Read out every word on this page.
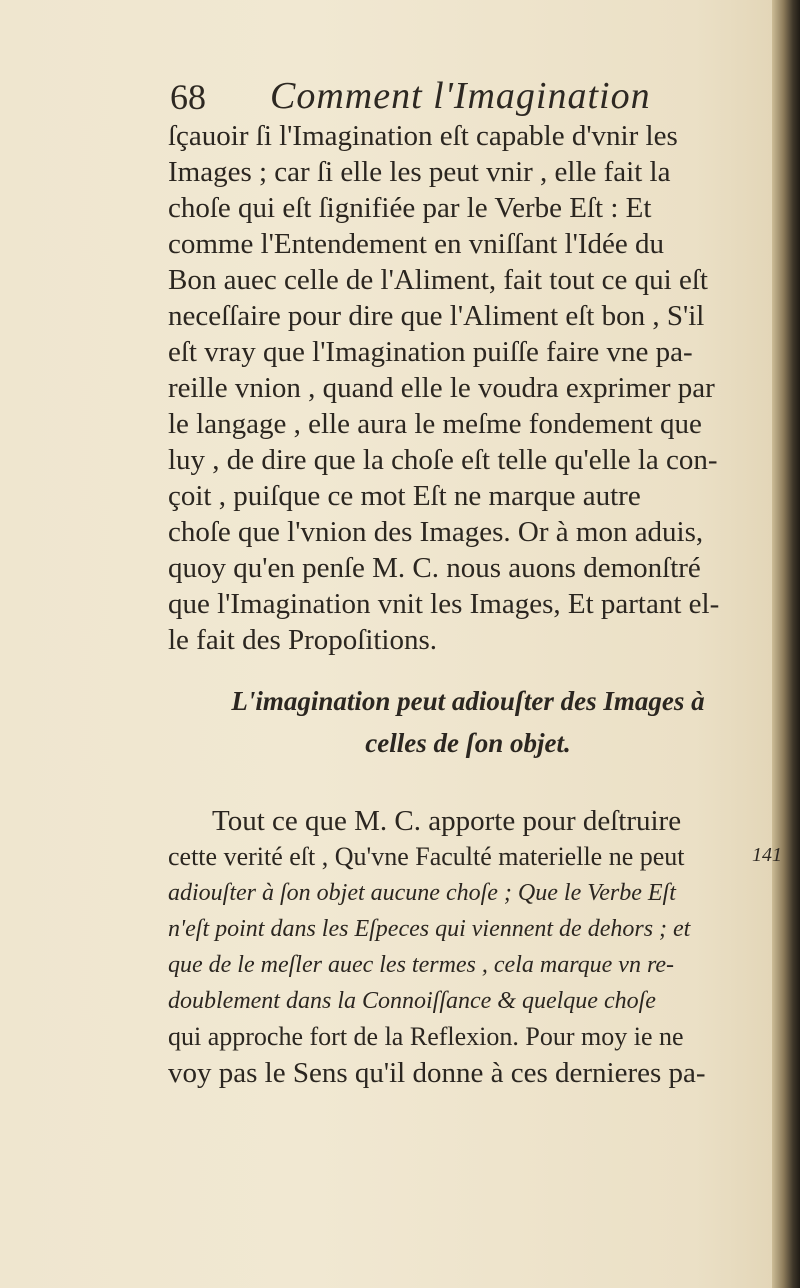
68 Comment l'Imagination
ſçauoir ſi l'Imagination eſt capable d'vnir les
Images ; car ſi elle les peut vnir , elle fait la
choſe qui eſt ſignifiée par le Verbe Eſt : Et
comme l'Entendement en vniſſant l'Idée du
Bon auec celle de l'Aliment, fait tout ce qui eſt
neceſſaire pour dire que l'Aliment eſt bon , S'il
eſt vray que l'Imagination puiſſe faire vne pa-
reille vnion , quand elle le voudra exprimer par
le langage , elle aura le meſme fondement que
luy , de dire que la choſe eſt telle qu'elle la con-
çoit , puiſque ce mot Eſt ne marque autre
choſe que l'vnion des Images. Or à mon aduis,
quoy qu'en penſe M. C. nous auons demonſtré
que l'Imagination vnit les Images, Et partant el-
le fait des Propoſitions.
L'imagination peut adiouſter des Images à
celles de ſon objet.
Tout ce que M. C. apporte pour deſtruire
cette verité eſt , Qu'vne Faculté materielle ne peut
adiouſter à ſon objet aucune choſe ; Que le Verbe Eſt
n'eſt point dans les Eſpeces qui viennent de dehors ; et
que de le meſler auec les termes , cela marque vn re-
doublement dans la Connoiſſance & quelque choſe
qui approche fort de la Reflexion. Pour moy ie ne
voy pas le Sens qu'il donne à ces dernieres pa-
141
